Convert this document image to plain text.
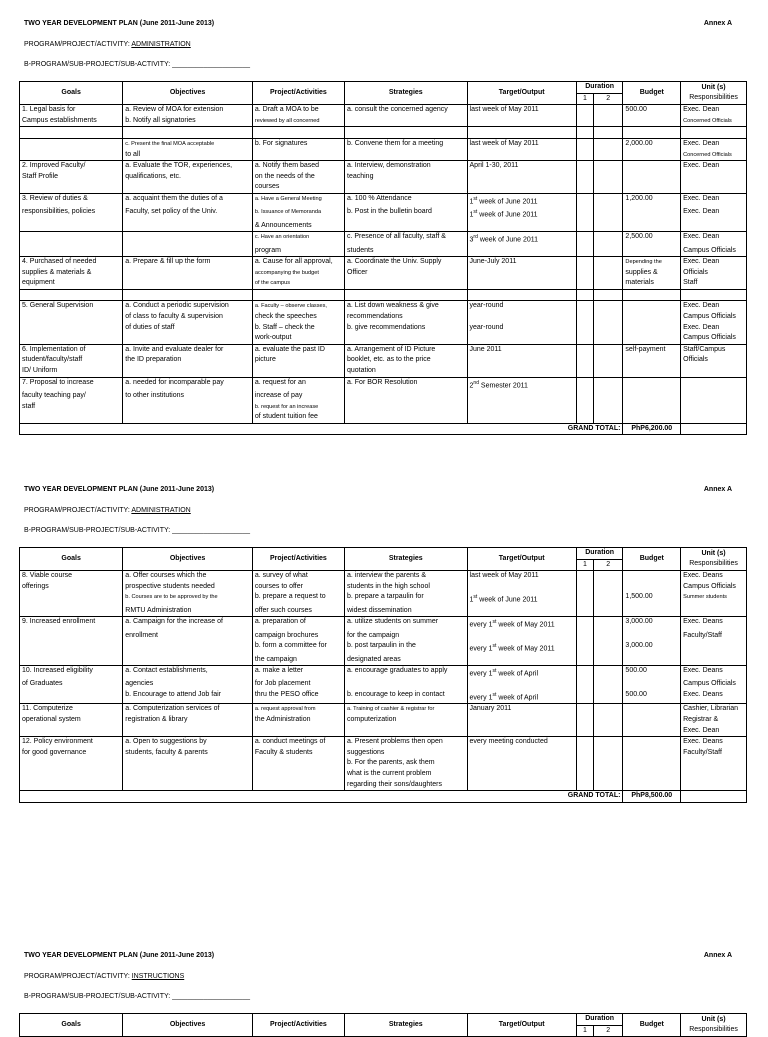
TWO YEAR DEVELOPMENT PLAN (June 2011-June 2013)	Annex A
PROGRAM/PROJECT/ACTIVITY: ADMINISTRATION
B-PROGRAM/SUB-PROJECT/SUB-ACTIVITY: ____________________
Goals	Objectives	Project/Activities	Strategies	Target/Output	Duration		Budget	Unit (s)
Responsibilities
					1	2		
1. Legal basis for	a. Review of MOA for extension	a. Draft a MOA to be	a. consult the concerned agency	last week of May 2011			500.00	Exec. Dean
Campus establishments	b. Notify all signatories	reviewed by all concerned						Concerned Officials

	c. Present the final MOA acceptable	b. For signatures	b. Convene them for a meeting	last week of May 2011			2,000.00	Exec. Dean
	to all							Concerned Officials
2. Improved Faculty/	a. Evaluate the TOR, experiences,	a. Notify them based	a. Interview, demonstration	April 1-30, 2011				Exec. Dean
Staff Profile	qualifications, etc.	on the needs of the	teaching					
		courses						
3. Review of duties &	a. acquaint them the duties of a	a. Have a General Meeting	a. 100 % Attendance	1st week of June 2011			1,200.00	Exec. Dean
responsibilities, policies	Faculty, set policy of the Univ.	b. Issuance of Memoranda	b. Post in the bulletin board	1st week of June 2011				Exec. Dean
		& Announcements						
		c. Have an orientation	c. Presence of all faculty, staff &	3rd week of June 2011			2,500.00	Exec. Dean
		program	students					Campus Officials
4. Purchased of needed	a. Prepare & fill up the form	a. Cause for all approval,	a. Coordinate the Univ. Supply	June-July 2011			Depending the	Exec. Dean
supplies & materials &		accompanying the budget	Officer				supplies &	Officials
equipment		of the campus					materials	Staff

5. General Supervision	a. Conduct a periodic supervision	a. Faculty – observe classes,	a. List down weakness & give	year-round				Exec. Dean
	of class to faculty & supervision	check the speeches	recommendations					Campus Officials
	of duties of staff	b. Staff – check the	b. give recommendations	year-round				Exec. Dean
		work-output						Campus Officials
6. Implementation of	a. Invite and evaluate dealer for	a. evaluate the past ID	a. Arrangement of ID Picture	June 2011			self-payment	Staff/Campus
student/faculty/staff	the ID preparation	picture	booklet, etc. as to the price					Officials
ID/ Uniform			quotation					
7. Proposal to increase	a. needed for incomparable pay	a. request for an	a. For BOR Resolution	2nd Semester 2011				
faculty teaching pay/	to other institutions	increase of pay						
staff		b. request for an increase						
		of student tuition fee						
GRAND TOTAL:							PhP6,200.00	
TWO YEAR DEVELOPMENT PLAN (June 2011-June 2013)	Annex A
PROGRAM/PROJECT/ACTIVITY: ADMINISTRATION
B-PROGRAM/SUB-PROJECT/SUB-ACTIVITY: ____________________
Goals	Objectives	Project/Activities	Strategies	Target/Output	Duration		Budget	Unit (s)
Responsibilities
					1	2		
8. Viable course	a. Offer courses which the	a. survey of what	a. interview the parents &	last week of May 2011				Exec. Deans
offerings	prospective students needed	courses to offer	students in the high school					Campus Officials
	b. Courses are to be approved by the	b. prepare a request to	b. prepare a tarpaulin for	1st week of June 2011			1,500.00	Summer students
	RMTU Administration	offer such courses	widest dissemination					
9. Increased enrollment	a. Campaign for the increase of	a. preparation of	a. utilize students on summer	every 1st week of May 2011			3,000.00	Exec. Deans
	enrollment	campaign brochures	for the campaign					Faculty/Staff
		b. form a committee for	b. post tarpaulin in the	every 1st week of May 2011			3,000.00	
		the campaign	designated areas					
10. Increased eligibility	a. Contact establishments,	a. make a letter	a. encourage graduates to apply	every 1st week of April			500.00	Exec. Deans
of Graduates	agencies	for Job placement						Campus Officials
	b. Encourage to attend Job fair	thru the PESO office	b. encourage to keep in contact	every 1st week of April			500.00	Exec. Deans
11. Computerize	a. Computerization services of	a. request approval from	a. Training of cashier & registrar for	January 2011				Cashier, Librarian
operational system	registration & library	the Administration	computerization					Registrar &
								Exec. Dean
12. Policy environment	a. Open to suggestions by	a. conduct meetings of	a. Present problems then open	every meeting conducted				Exec. Deans
for good governance	students, faculty & parents	Faculty & students	suggestions					Faculty/Staff
			b. For the parents, ask them					
			what is the current problem					
			regarding their sons/daughters					
GRAND TOTAL:							PhP8,500.00	
TWO YEAR DEVELOPMENT PLAN (June 2011-June 2013)	Annex A
PROGRAM/PROJECT/ACTIVITY: INSTRUCTIONS
B-PROGRAM/SUB-PROJECT/SUB-ACTIVITY: ____________________
Goals	Objectives	Project/Activities	Strategies	Target/Output	Duration		Budget	Unit (s)
Responsibilities
					1	2		
